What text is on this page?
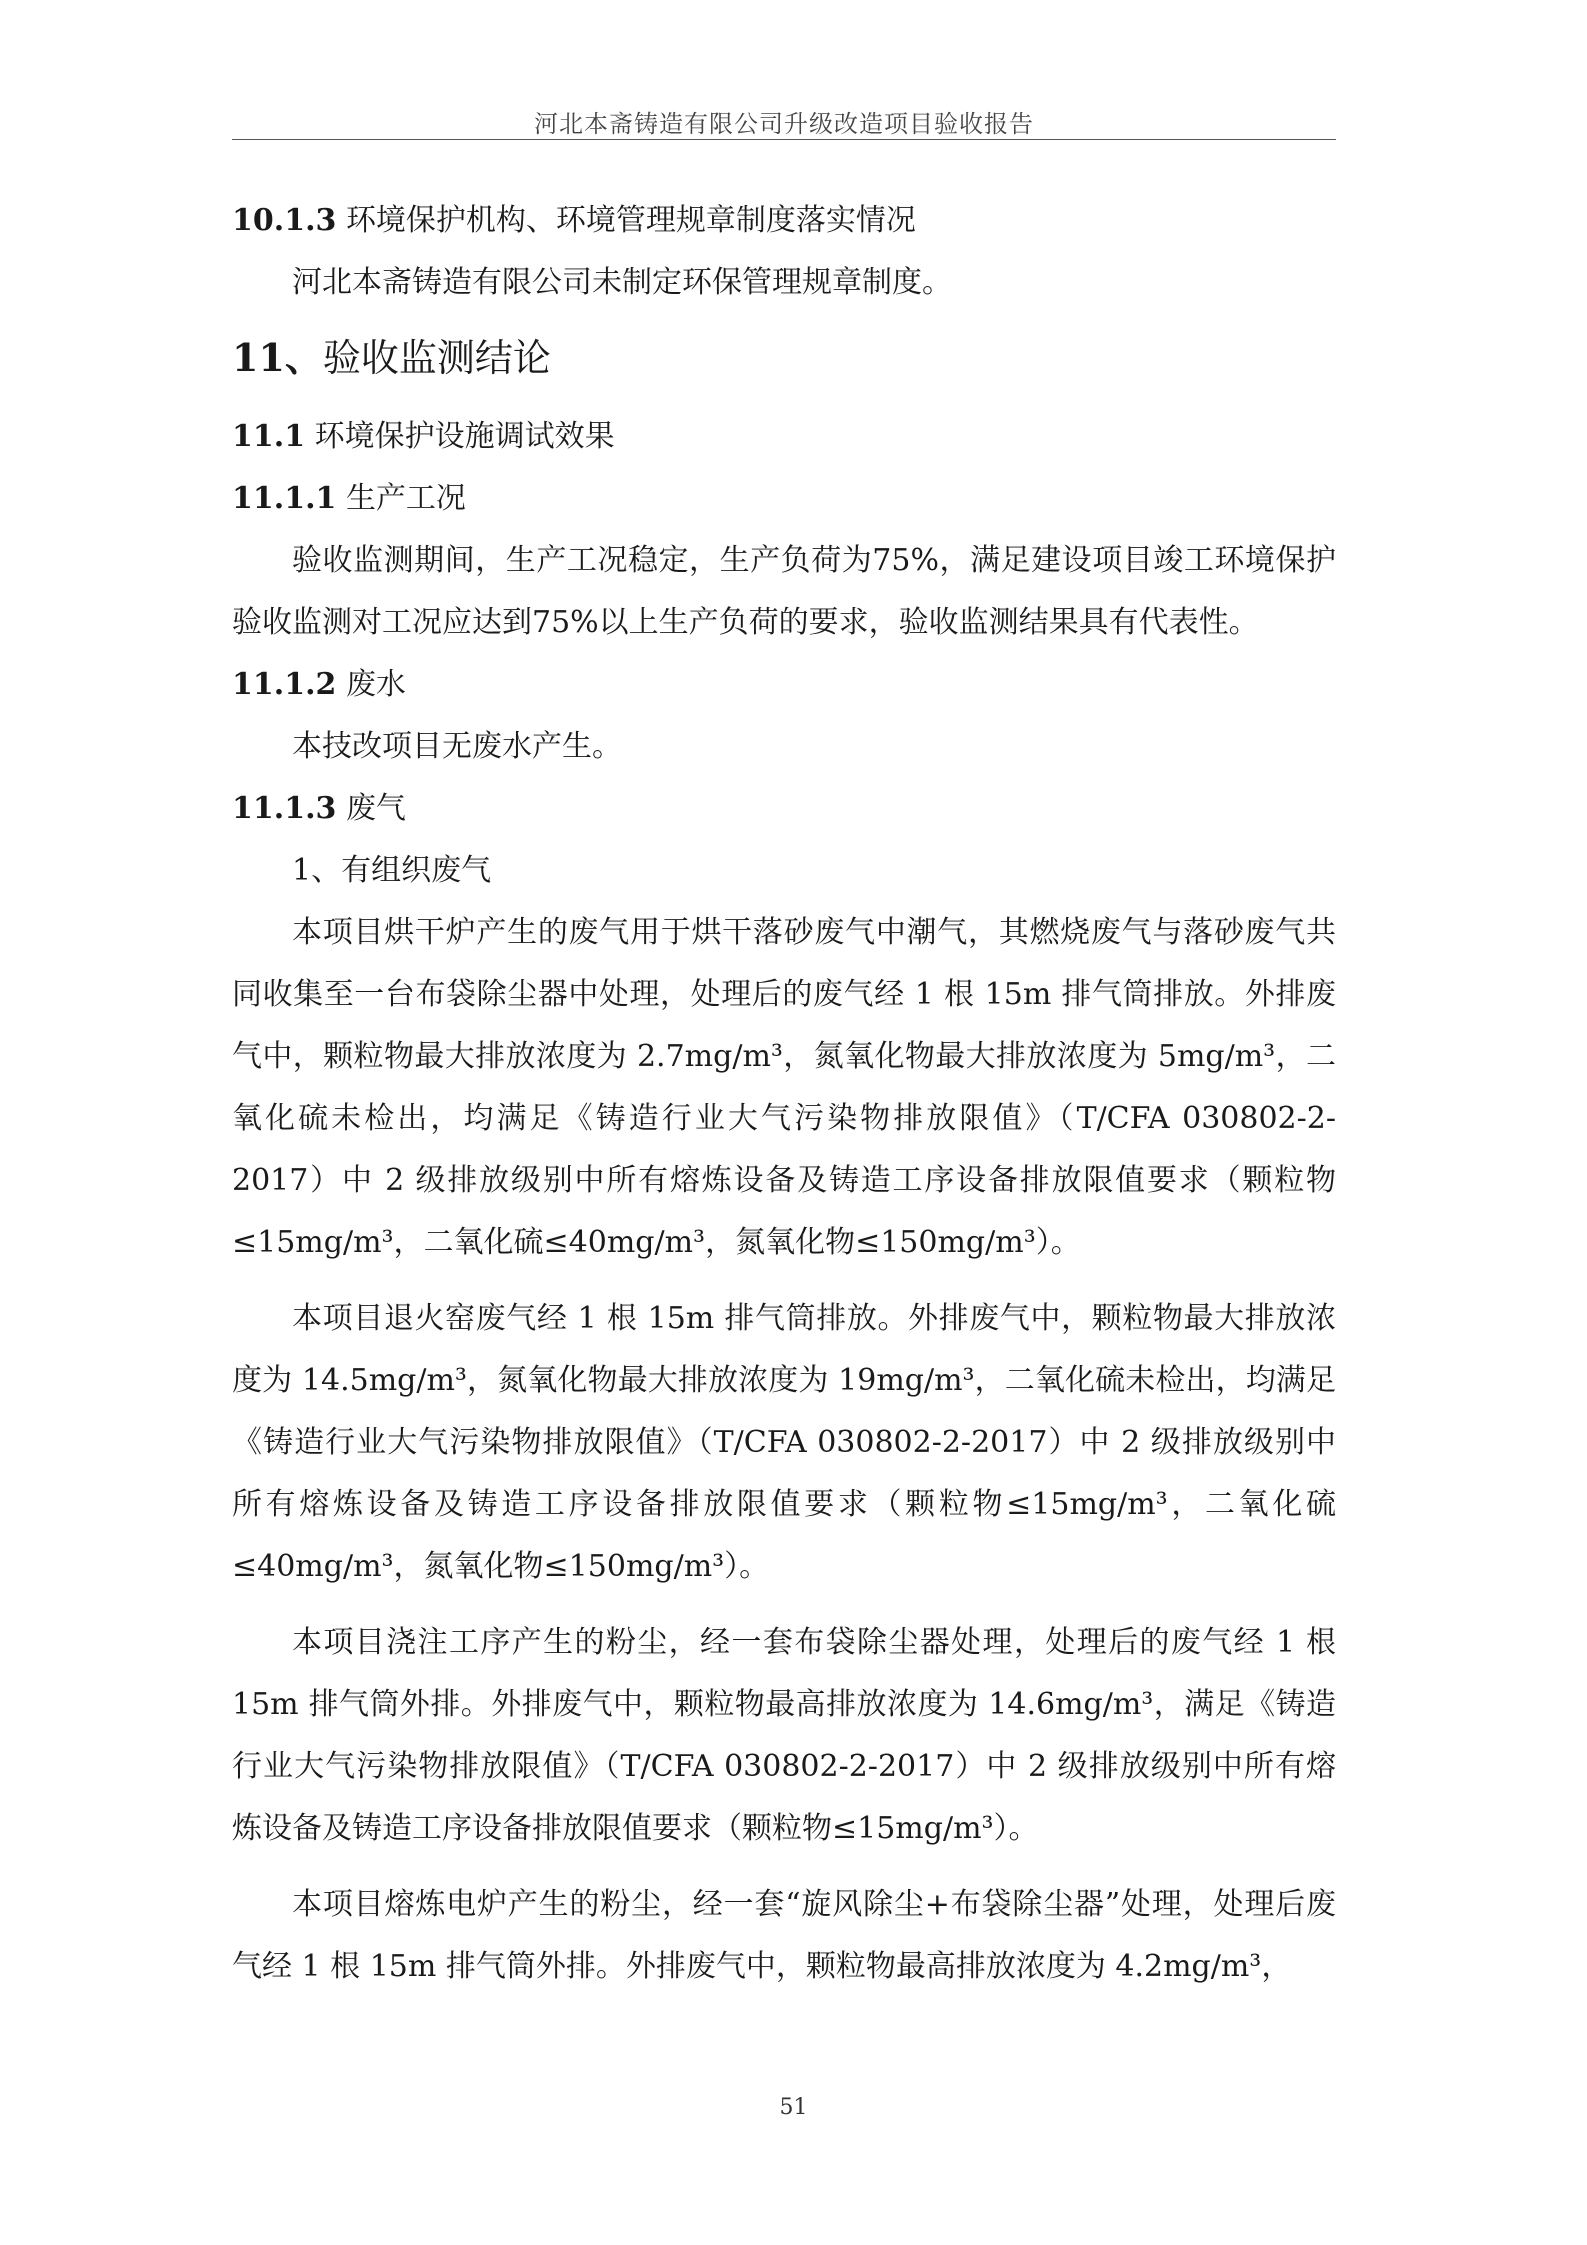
河北本斋铸造有限公司升级改造项目验收报告
10.1.3 环境保护机构、环境管理规章制度落实情况

河北本斋铸造有限公司未制定环保管理规章制度。

11、验收监测结论
11.1 环境保护设施调试效果
11.1.1 生产工况

验收监测期间，生产工况稳定，生产负荷为75%，满足建设项目竣工环境保护验收监测对工况应达到75%以上生产负荷的要求，验收监测结果具有代表性。

11.1.2 废水

本技改项目无废水产生。

11.1.3 废气

1、有组织废气

本项目烘干炉产生的废气用于烘干落砂废气中潮气，其燃烧废气与落砂废气共同收集至一台布袋除尘器中处理，处理后的废气经 1 根 15m 排气筒排放。外排废气中，颗粒物最大排放浓度为 2.7mg/m³，氮氧化物最大排放浓度为 5mg/m³，二氧化硫未检出，均满足《铸造行业大气污染物排放限值》（T/CFA 030802-2-2017）中 2 级排放级别中所有熔炼设备及铸造工序设备排放限值要求（颗粒物≤15mg/m³，二氧化硫≤40mg/m³，氮氧化物≤150mg/m³）。

本项目退火窑废气经 1 根 15m 排气筒排放。外排废气中，颗粒物最大排放浓度为 14.5mg/m³，氮氧化物最大排放浓度为 19mg/m³，二氧化硫未检出，均满足《铸造行业大气污染物排放限值》（T/CFA 030802-2-2017）中 2 级排放级别中所有熔炼设备及铸造工序设备排放限值要求（颗粒物≤15mg/m³，二氧化硫≤40mg/m³，氮氧化物≤150mg/m³）。

本项目浇注工序产生的粉尘，经一套布袋除尘器处理，处理后的废气经 1 根 15m 排气筒外排。外排废气中，颗粒物最高排放浓度为 14.6mg/m³，满足《铸造行业大气污染物排放限值》（T/CFA 030802-2-2017）中 2 级排放级别中所有熔炼设备及铸造工序设备排放限值要求（颗粒物≤15mg/m³）。

本项目熔炼电炉产生的粉尘，经一套“旋风除尘+布袋除尘器”处理，处理后废气经 1 根 15m 排气筒外排。外排废气中，颗粒物最高排放浓度为 4.2mg/m³，

51
